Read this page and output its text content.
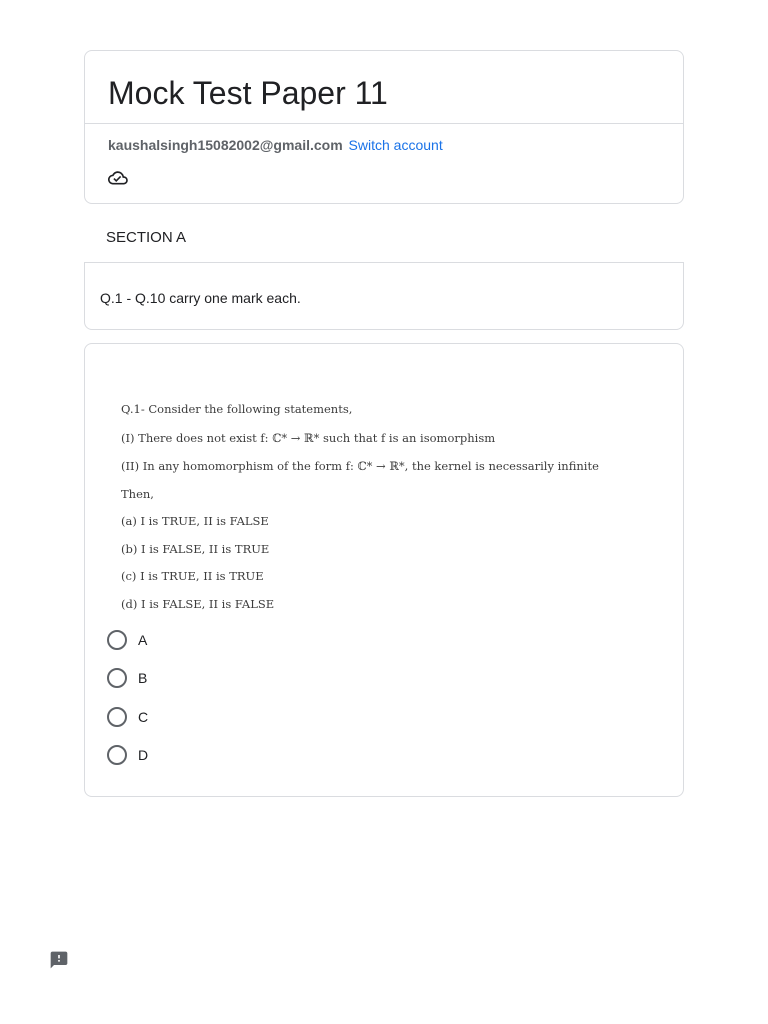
Mock Test Paper 11
kaushalsingh15082002@gmail.com Switch account
SECTION A
Q.1 - Q.10 carry one mark each.
Q.1- Consider the following statements,
(I) There does not exist f: ℂ* → ℝ* such that f is an isomorphism
(II) In any homomorphism of the form f: ℂ* → ℝ*, the kernel is necessarily infinite
Then,
(a) I is TRUE, II is FALSE
(b) I is FALSE, II is TRUE
(c) I is TRUE, II is TRUE
(d) I is FALSE, II is FALSE
A
B
C
D
